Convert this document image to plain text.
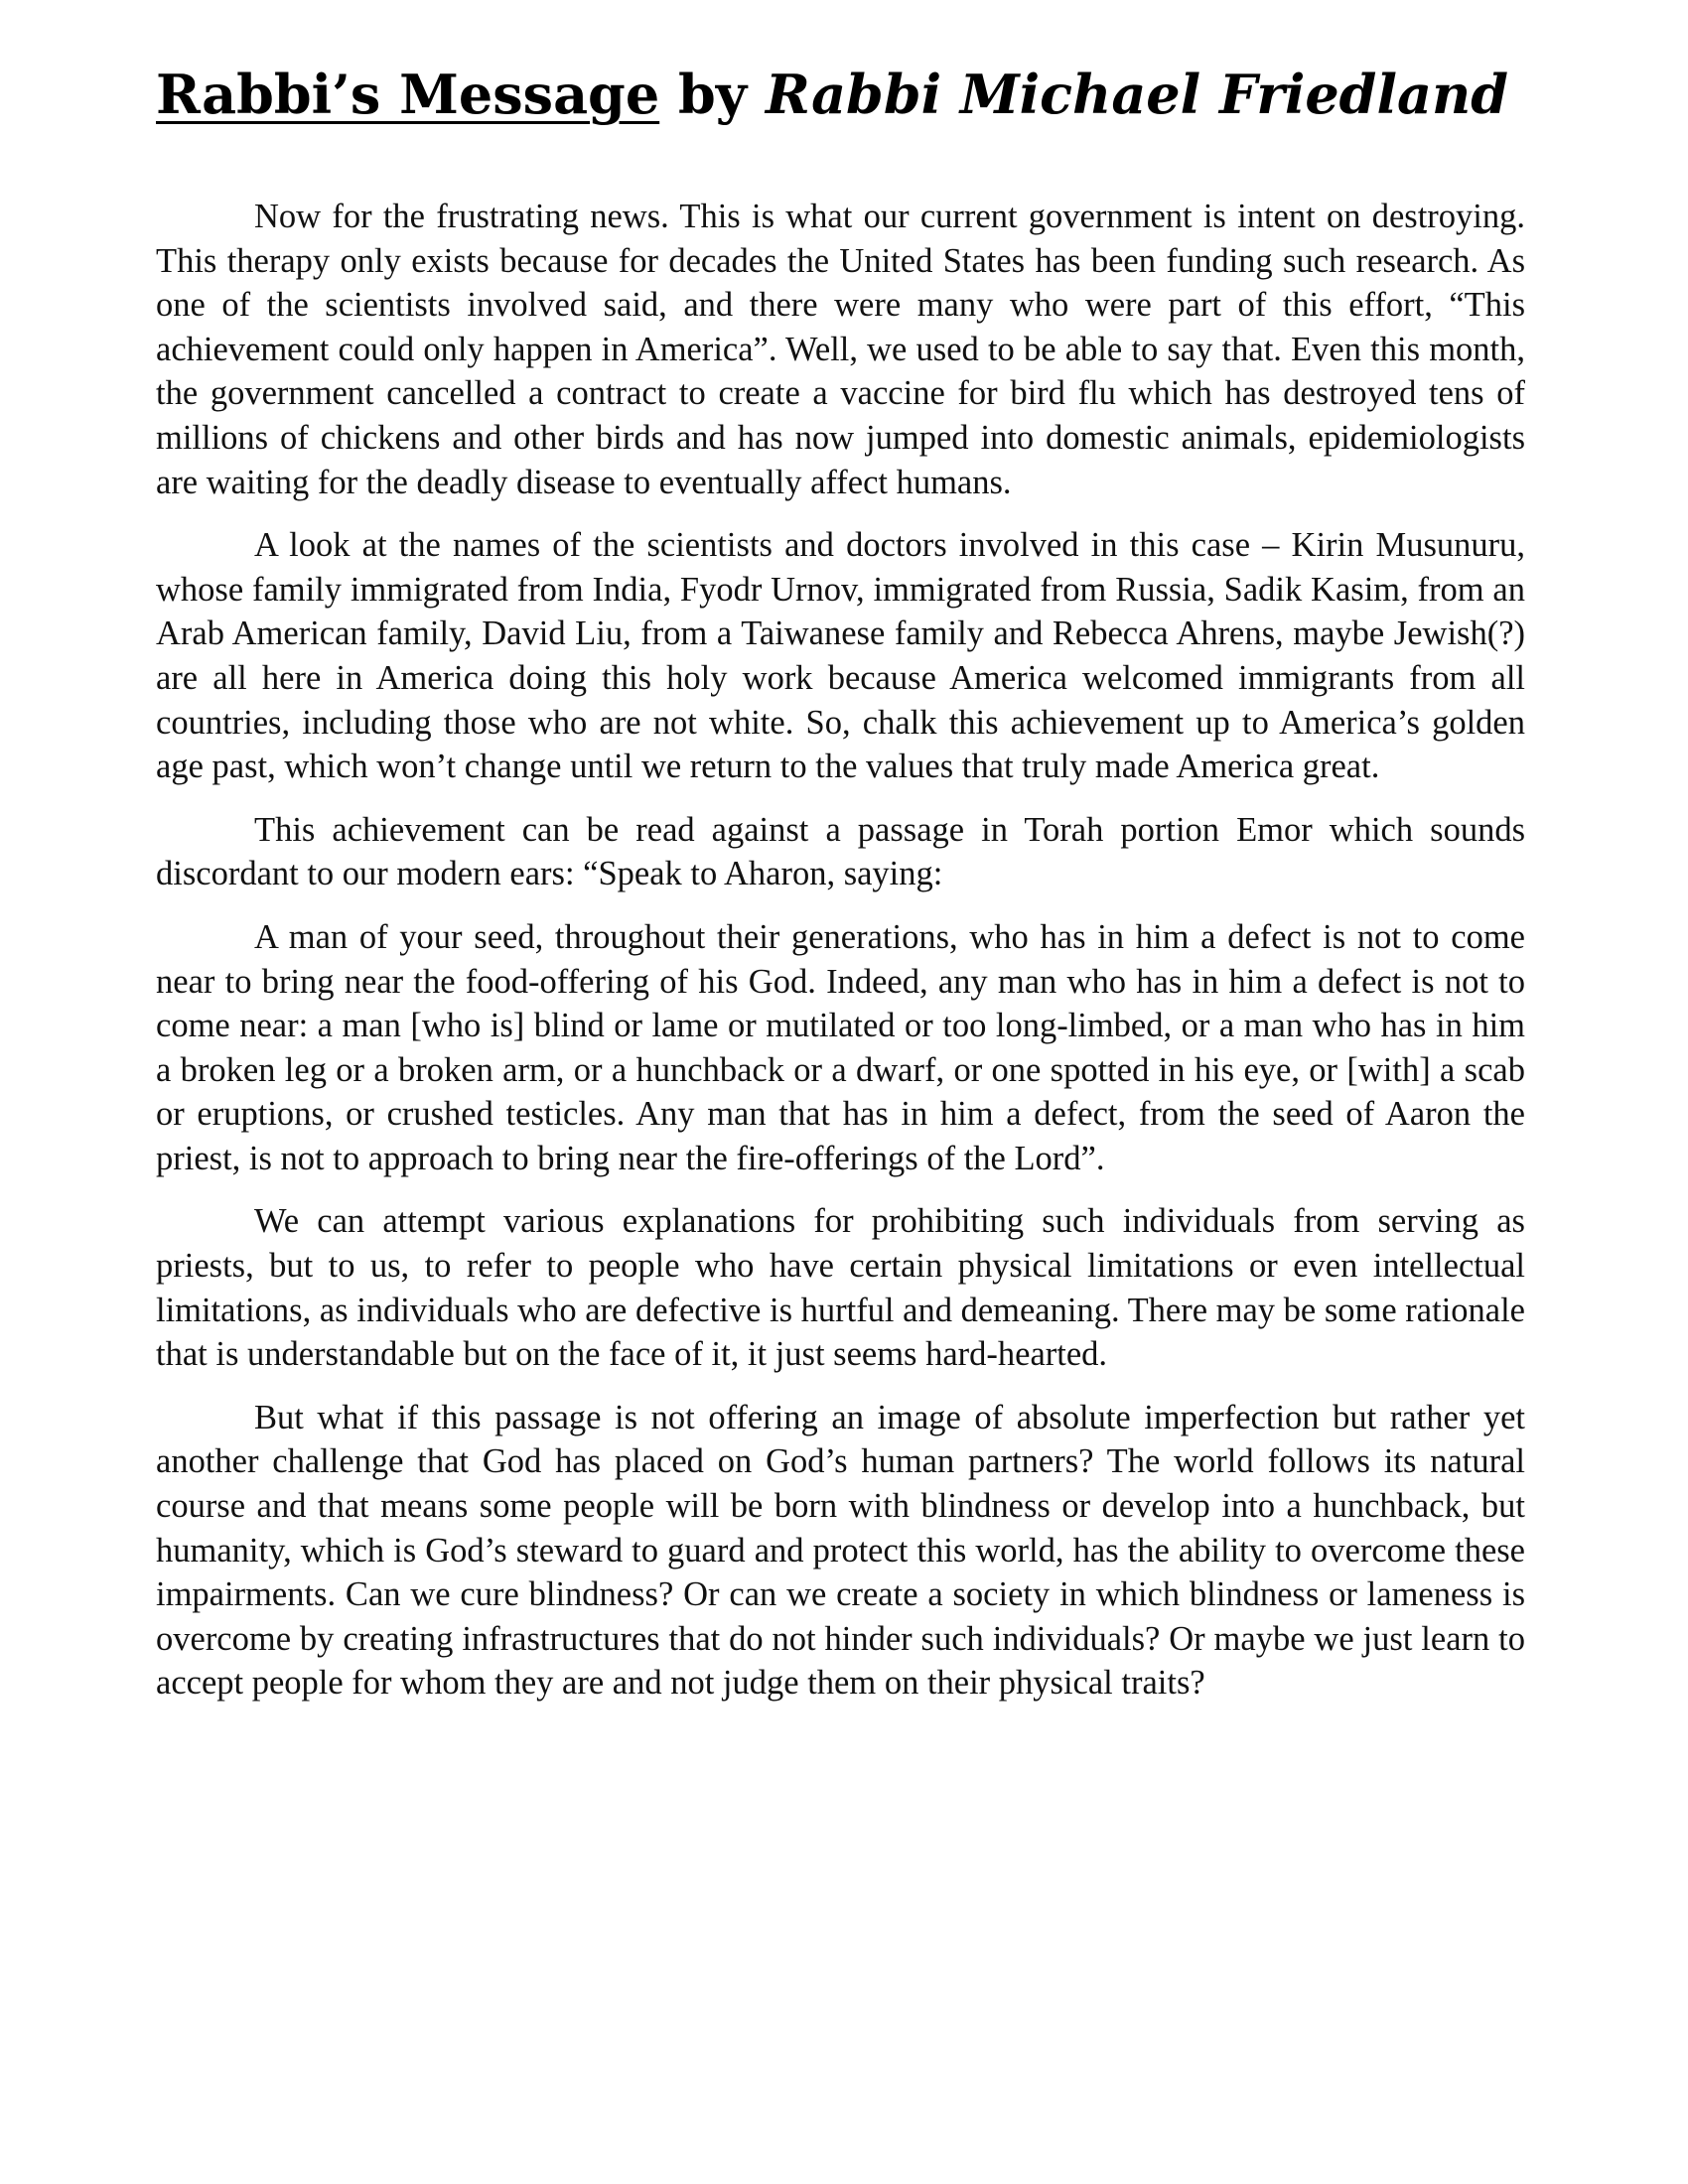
Rabbi’s Message by Rabbi Michael Friedland

Now for the frustrating news. This is what our current government is intent on destroying. This therapy only exists because for decades the United States has been funding such research. As one of the scientists involved said, and there were many who were part of this effort, “This achievement could only happen in America”. Well, we used to be able to say that. Even this month, the government cancelled a contract to create a vaccine for bird flu which has destroyed tens of millions of chickens and other birds and has now jumped into domestic animals, epidemiologists are waiting for the deadly disease to eventually affect humans.

A look at the names of the scientists and doctors involved in this case – Kirin Musunuru, whose family immigrated from India, Fyodr Urnov, immigrated from Russia, Sadik Kasim, from an Arab American family, David Liu, from a Taiwanese family and Rebecca Ahrens, maybe Jewish(?) are all here in America doing this holy work because America welcomed immigrants from all countries, including those who are not white. So, chalk this achievement up to America’s golden age past, which won’t change until we return to the values that truly made America great.

This achievement can be read against a passage in Torah portion Emor which sounds discordant to our modern ears: “Speak to Aharon, saying:

A man of your seed, throughout their generations, who has in him a defect is not to come near to bring near the food-offering of his God. Indeed, any man who has in him a defect is not to come near: a man [who is] blind or lame or mutilated or too long-limbed, or a man who has in him a broken leg or a broken arm, or a hunchback or a dwarf, or one spotted in his eye, or [with] a scab or eruptions, or crushed testicles. Any man that has in him a defect, from the seed of Aaron the priest, is not to approach to bring near the fire-offerings of the Lord”.

We can attempt various explanations for prohibiting such individuals from serving as priests, but to us, to refer to people who have certain physical limitations or even intellectual limitations, as individuals who are defective is hurtful and demeaning. There may be some rationale that is understandable but on the face of it, it just seems hard-hearted.

But what if this passage is not offering an image of absolute imperfection but rather yet another challenge that God has placed on God’s human partners? The world follows its natural course and that means some people will be born with blindness or develop into a hunchback, but humanity, which is God’s steward to guard and protect this world, has the ability to overcome these impairments. Can we cure blindness? Or can we create a society in which blindness or lameness is overcome by creating infrastructures that do not hinder such individuals? Or maybe we just learn to accept people for whom they are and not judge them on their physical traits?
